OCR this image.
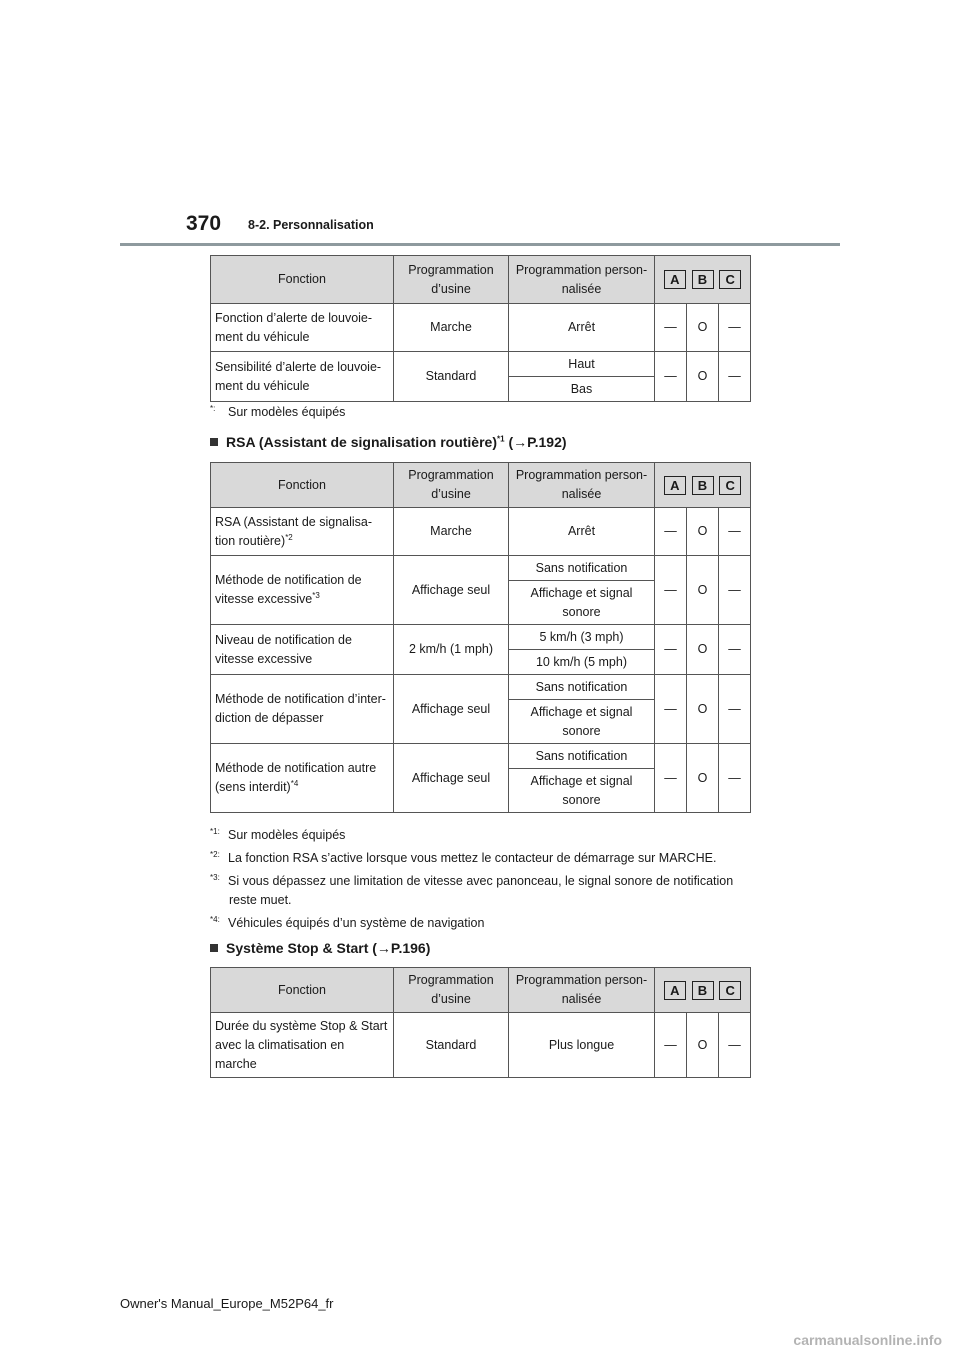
370 8-2. Personnalisation
Fonction	Programmation d’usine	Programmation person-nalisée	A B C		

Fonction d’alerte de louvoie-ment du véhicule	Marche	Arrêt	—	O	—
Sensibilité d’alerte de louvoie-ment du véhicule	Standard	Haut	—	O	—
		Bas			
*: Sur modèles équipés
RSA (Assistant de signalisation routière)$^{*1}$ (→P.192)
Fonction	Programmation d’usine	Programmation person-nalisée	A B C		

RSA (Assistant de signalisa-tion routière)$^{*2}$	Marche	Arrêt	—	O	—
Méthode de notification de vitesse excessive$^{*3}$	Affichage seul	Sans notification	—	O	—
		Affichage et signal sonore			
Niveau de notification de vitesse excessive	2 km/h (1 mph)	5 km/h (3 mph)	—	O	—
		10 km/h (5 mph)			
Méthode de notification d’inter-diction de dépasser	Affichage seul	Sans notification	—	O	—
		Affichage et signal sonore			
Méthode de notification autre (sens interdit)$^{*4}$	Affichage seul	Sans notification	—	O	—
		Affichage et signal sonore			
$^{*1:}$ Sur modèles équipés
$^{*2:}$ La fonction RSA s’active lorsque vous mettez le contacteur de démarrage sur MARCHE.
$^{*3:}$ Si vous dépassez une limitation de vitesse avec panonceau, le signal sonore de notification
reste muet.
$^{*4:}$ Véhicules équipés d’un système de navigation
Système Stop & Start (→P.196)
Fonction	Programmation d’usine	Programmation person-nalisée	A B C		

Durée du système Stop & Start avec la climatisation en marche	Standard	Plus longue	—	O	—
Owner's Manual_Europe_M52P64_fr
carmanualsonline.info
